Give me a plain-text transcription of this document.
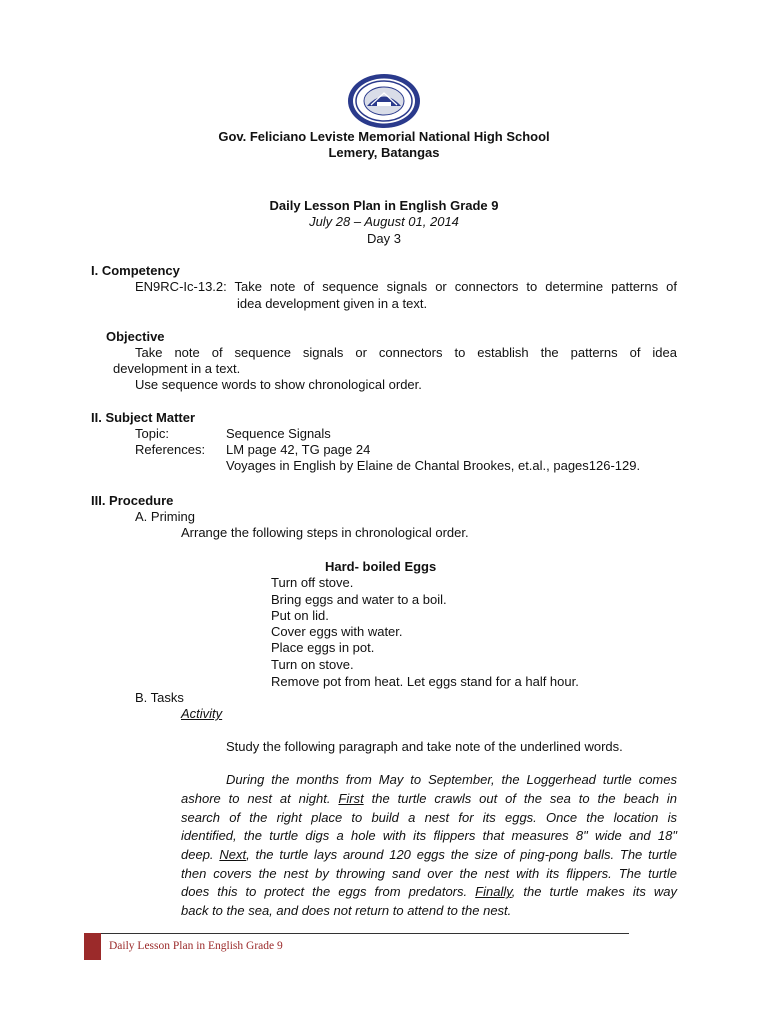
Gov. Feliciano Leviste Memorial National High School
Lemery, Batangas
Daily Lesson Plan in English Grade 9
July 28 – August 01, 2014
Day 3
I. Competency
EN9RC-Ic-13.2: Take note of sequence signals or connectors to determine patterns of
idea development given in a text.
Objective
Take note of sequence signals or connectors to establish the patterns of idea
development in a text.
Use sequence words to show chronological order.
II. Subject Matter
Topic:	Sequence Signals
References: LM page 42, TG page 24
Voyages in English by Elaine de Chantal Brookes, et.al., pages126-129.
III. Procedure
A. Priming
Arrange the following steps in chronological order.
Hard- boiled Eggs
Turn off stove.
Bring eggs and water to a boil.
Put on lid.
Cover eggs with water.
Place eggs in pot.
Turn on stove.
Remove pot from heat. Let eggs stand for a half hour.
B. Tasks
Activity
Study the following paragraph and take note of the underlined words.
During the months from May to September, the Loggerhead turtle comes
ashore to nest at night. First the turtle crawls out of the sea to the beach in
search of the right place to build a nest for its eggs. Once the location is
identified, the turtle digs a hole with its flippers that measures 8" wide and 18"
deep. Next, the turtle lays around 120 eggs the size of ping-pong balls. The turtle
then covers the nest by throwing sand over the nest with its flippers. The turtle
does this to protect the eggs from predators. Finally, the turtle makes its way
back to the sea, and does not return to attend to the nest.
Daily Lesson Plan in English Grade 9
